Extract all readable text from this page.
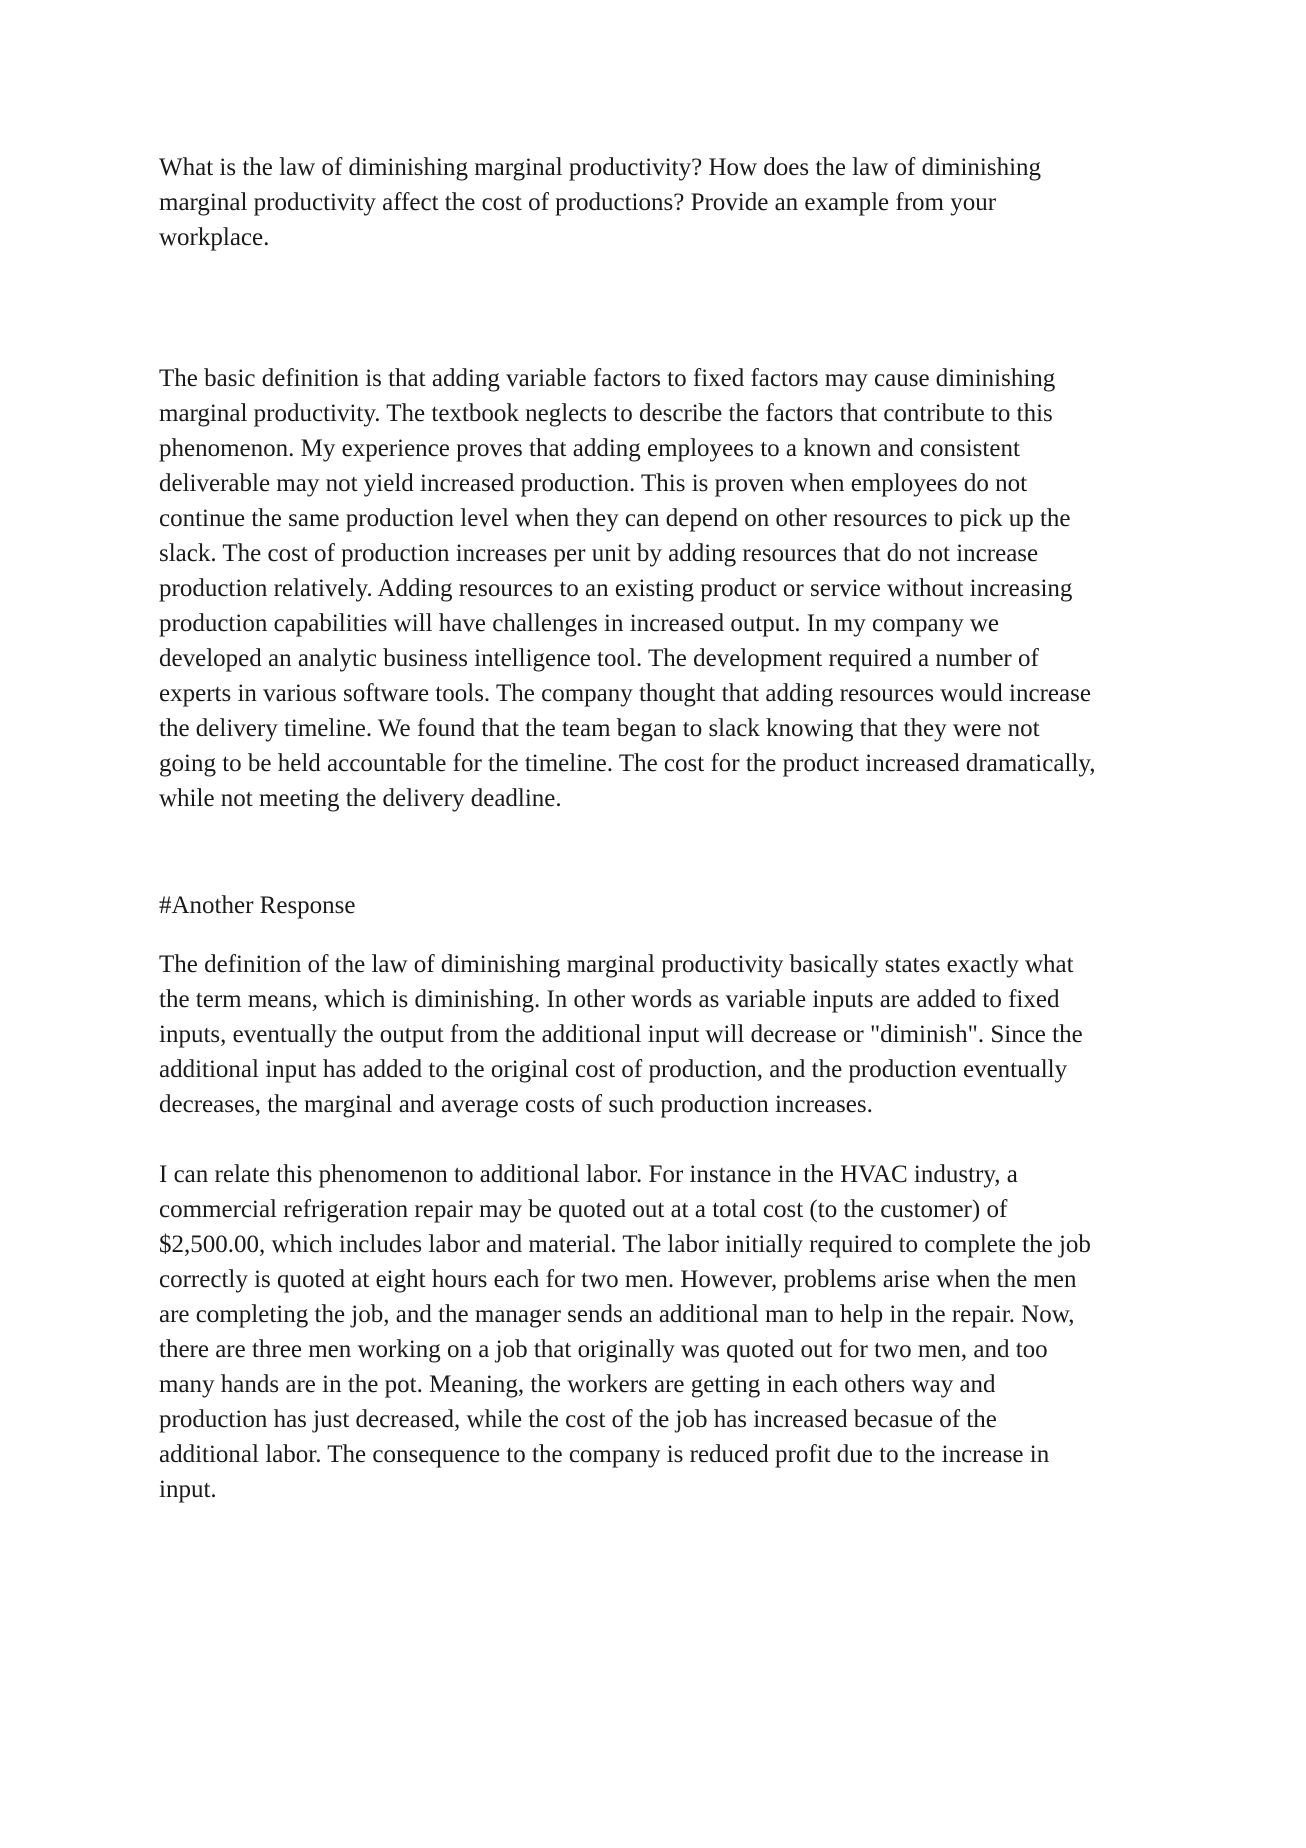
What is the law of diminishing marginal productivity? How does the law of diminishing
marginal productivity affect the cost of productions? Provide an example from your
workplace.

The basic definition is that adding variable factors to fixed factors may cause diminishing
marginal productivity. The textbook neglects to describe the factors that contribute to this
phenomenon. My experience proves that adding employees to a known and consistent
deliverable may not yield increased production. This is proven when employees do not
continue the same production level when they can depend on other resources to pick up the
slack. The cost of production increases per unit by adding resources that do not increase
production relatively. Adding resources to an existing product or service without increasing
production capabilities will have challenges in increased output. In my company we
developed an analytic business intelligence tool. The development required a number of
experts in various software tools. The company thought that adding resources would increase
the delivery timeline. We found that the team began to slack knowing that they were not
going to be held accountable for the timeline. The cost for the product increased dramatically,
while not meeting the delivery deadline.

#Another Response

The definition of the law of diminishing marginal productivity basically states exactly what
the term means, which is diminishing. In other words as variable inputs are added to fixed
inputs, eventually the output from the additional input will decrease or "diminish". Since the
additional input has added to the original cost of production, and the production eventually
decreases, the marginal and average costs of such production increases.

I can relate this phenomenon to additional labor. For instance in the HVAC industry, a
commercial refrigeration repair may be quoted out at a total cost (to the customer) of
$2,500.00, which includes labor and material. The labor initially required to complete the job
correctly is quoted at eight hours each for two men. However, problems arise when the men
are completing the job, and the manager sends an additional man to help in the repair. Now,
there are three men working on a job that originally was quoted out for two men, and too
many hands are in the pot. Meaning, the workers are getting in each others way and
production has just decreased, while the cost of the job has increased becasue of the
additional labor. The consequence to the company is reduced profit due to the increase in
input.
